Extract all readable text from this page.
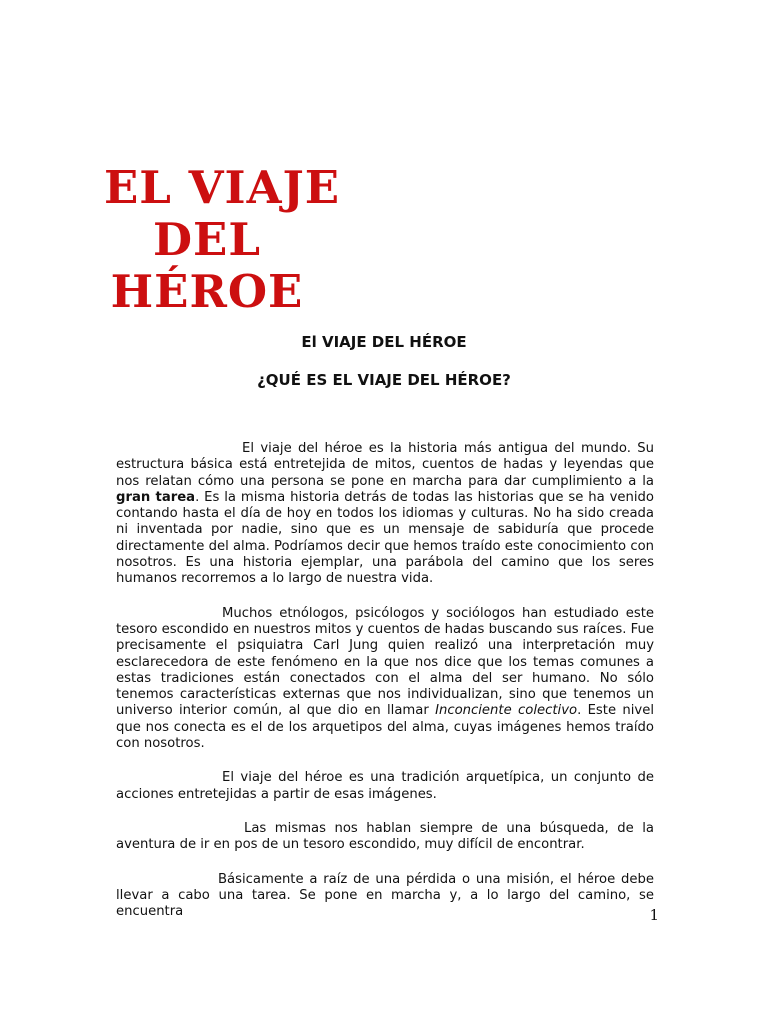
EL VIAJE
DEL
HÉROE
El VIAJE DEL HÉROE
¿QUÉ ES EL VIAJE DEL HÉROE?

El viaje del héroe es la historia más antigua del mundo. Su estructura básica está entretejida de mitos, cuentos de hadas y leyendas que nos relatan cómo una persona se pone en marcha para dar cumplimiento a la gran tarea. Es la misma historia detrás de todas las historias que se ha venido contando hasta el día de hoy en todos los idiomas y culturas. No ha sido creada ni inventada por nadie, sino que es un mensaje de sabiduría que procede directamente del alma. Podríamos decir que hemos traído este conocimiento con nosotros. Es una historia ejemplar, una parábola del camino que los seres humanos recorremos a lo largo de nuestra vida.

Muchos etnólogos, psicólogos y sociólogos han estudiado este tesoro escondido en nuestros mitos y cuentos de hadas buscando sus raíces. Fue precisamente el psiquiatra Carl Jung quien realizó una interpretación muy esclarecedora de este fenómeno en la que nos dice que los temas comunes a estas tradiciones están conectados con el alma del ser humano. No sólo tenemos características externas que nos individualizan, sino que tenemos un universo interior común, al que dio en llamar Inconciente colectivo. Este nivel que nos conecta es el de los arquetipos del alma, cuyas imágenes hemos traído con nosotros.

El viaje del héroe es una tradición arquetípica, un conjunto de acciones entretejidas a partir de esas imágenes.

Las mismas nos hablan siempre de una búsqueda, de la aventura de ir en pos de un tesoro escondido, muy difícil de encontrar.

Básicamente a raíz de una pérdida o una misión, el héroe debe llevar a cabo una tarea. Se pone en marcha y, a lo largo del camino, se encuentra	1
